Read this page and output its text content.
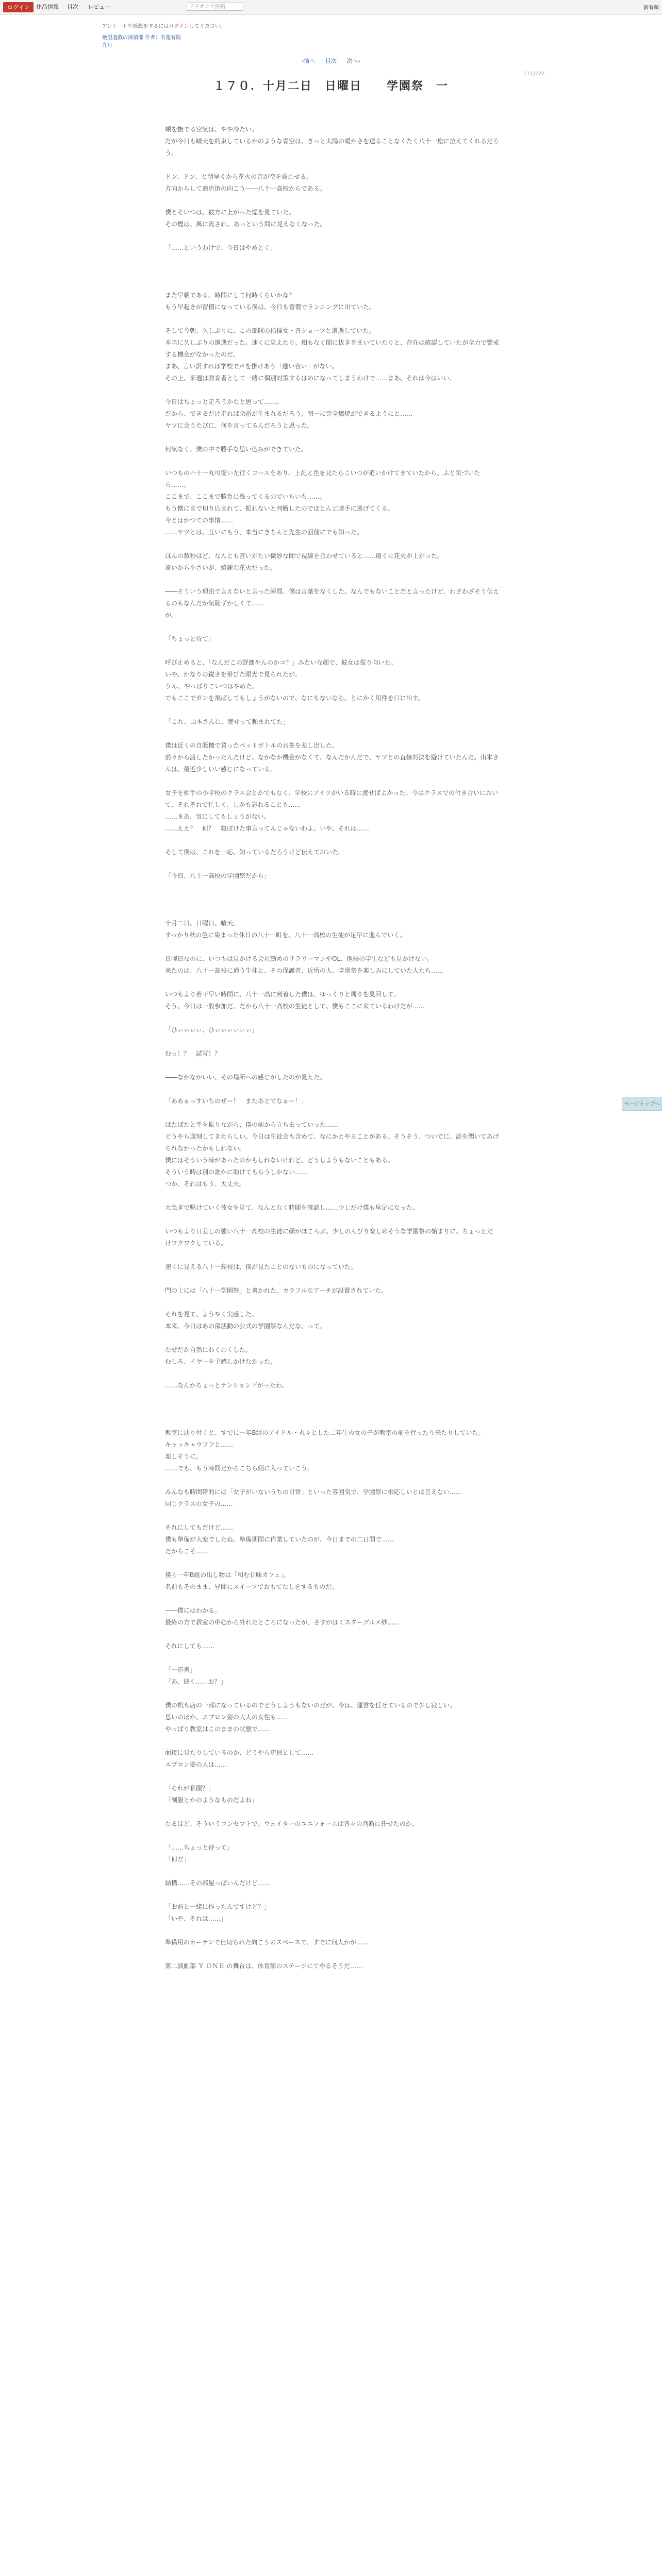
ログイン	作品情報 目次 レビュー	アドオンで投稿	新着順
アンケートや感想をするにはログインしてください。
絶望遊戯の探偵部 作者：有蓮有陽
九月
‹前へ 目次 次へ›
171/222
１７０．十月二日　日曜日　　学園祭　一

頬を撫でる空気は、やや冷たい。

だが今日も晴天を約束しているかのような青空は、きっと太陽の暖かさを送ることなくたく八十一松に泣えてくれるだろう。

ドン、ドン、と朝早くから花火の音が空を震わせる。

方向からして商店街の向こう――八十一高校からである。

僕とそいつは、彼方に上がった煙を見ていた。

その煙は、風に流され、あっという間に見えなくなった。

「……というわけで、今日はやめとく」

また早朝である。時間にして何時くらいかな？

もう早起きが習慣になっている僕は、今日も習慣でランニングに出ていた。

そして今朝、久しぶりに、この部隊の指揮女・各ショーツと遭遇していた。

本当に久しぶりの遭遇だった。速くに見えたり、相もなく間に抜きをまいていたりと、存在は確認していたが全力で警戒する機会がなかったのだ。

まあ、言い訳すれば学校で声を掛けあう「進い合い」がない。

その上、来週は教育者として一緒に個別対策するはめになってしまうわけで……まあ、それは今はいい。

今日はちょっと走ろうかなと思って……。

だから、できるだけ走れば余裕が生まれるだろう。朝一に完全燃焼ができるようにと……

ヤツに会うたびに、何を言ってるんだろうと思った。

何気なく、僕の中で勝手な思い込みができていた。

いつものハ十一丸可愛い左行くコースをあり、上記と色を見たらこいつが追いかけてきていたから、ふと気づいたら……。

ここまで、ここまで勝負に残ってくるのでいちいち……。

もう懐にまで切り込まれて、振れないと判断したのでほとんど勝手に逃げてくる。

今とはかつての事情……

……ヤツとは、互いにもう、本当にきちんと先生の面前にでも知った。

ほんの数秒ほど、なんとも言いがたい微妙な間で視線を合わせていると……遠くに花火が上がった。

遠いから小さいが、綺麗な花火だった。

――そういう理由で言えないと言った瞬間、僕は言葉をなくした。なんでもないことだと言ったけど、わざわざそう伝えるのもなんだか気恥ずかしくて……

が。

「ちょっと待て」

呼び止めると、「なんだこの野郎やんのかコ？」みたいな顔で、彼女は振り向いた。

いや、かなりの鋭さを帯びた眼光で見られたが。

うん、やっぱりこいつはやめた。

でもここでガンを飛ばしてもしょうがないので、なにもないなら、とにかく用件を口に出す。

「これ、山本さんに、渡せって頼まれてた」

僕は近くの自販機で買ったペットボトルのお茶を差し出した。

前々から渡したかったんだけど、なかなか機会がなくて、なんだかんだで、ヤツとの直接対決を避けていたんだ。山本さんは、最近少しいい感じになっている。

女子を相手の小学校のクラス会とかでもなく、学校にアイツがいる時に渡せばよかった。今はクラスでの付き合いにおいて、それぞれで忙しく、しかも忘れることも……

……まあ、気にしてもしょうがない。

……ええ？　何？　寝ぼけた事言ってんじゃないわよ。いや、それは……

そして僕は、これを一応、知っているだろうけど伝えておいた。

「今日、八十一高校の学園祭だから」

十月二日、日曜日、晴天。

すっかり秋の色に染まった休日の八十一町を、八十一高校の生徒が足早に進んでいく。

日曜日なのに、いつもは見かける会社勤めのサラリーマンやOL、他校の学生なども見かけない。

来たのは、八十一高校に通う生徒と、その保護者、近所の人、学園祭を楽しみにしていた人たち……

いつもより若干早い時間に、八十一高に到着した僕は、ゆっくりと周りを見回して。

そう、今日は一般参加だ。だから八十一高校の生徒として、僕もここに来ているわけだが……

「ひぃぃぃぃ、ひぃぃぃぃぃぃ」

むっ！？　試写！？

――なかなかいい、その場所への感じがしたのが見えた。

「ああぁっすいちのぜー！　またあとでなぁー！」

ぱたぱたと手を振りながら、僕の前から立ち去っていった……

どうやら遅刻してきたらしい。今日は生徒会も含めて、なにかとやることがある。そうそう、ついでに、話を聞いてあげられなかったかもしれない。

僕にはそういう時があったのかもしれないけれど、どうしようもないこともある。

そういう時は別の誰かに助けてもらうしかない……

つか、それはもう、大丈夫。

大急ぎで駆けていく彼女を見て、なんとなく時間を確認し……少しだけ僕も早足になった。

いつもより日差しの強い八十一高校の生徒に顔がほころぶ。少しのんびり楽しめそうな学園祭の始まりに、ちょっとだけワクワクしている。

速くに見える八十一高校は、僕が見たことのないものになっていた。

門の上には「八十一学園祭」と書かれた、カラフルなアーチが設置されていた。

それを見て、ようやく実感した。

本来、今日はあの部活動の公式の学園祭なんだな、って。

なぜだか自然にわくわくした。

むしろ、イヤーを予感しかけなかった。

……なんかちょっとテンション下がったわ。

教室に辿り付くと、すでに一年B組のアイドル・丸々とした二年生の女の子が教室の前を行ったり来たりしていた。

キャッキャウフフと……

楽しそうに。

……でも、もう時間だからこちら側に入っていこう。

みんなも時間帯的には「女子がいないうちの日常」といった雰囲気で、学園祭に相応しいとは言えない……

同じクラスの女子の……

それにしてもだけど……

僕も準備が大変でしたね。準備期間に作業していたのが、今日までの二日間で……

だからこそ……

僕ら一年B組の出し物は「和む甘味カフェ」。

名前もそのまま、昼間にスイーツでおもてなしをするものだ。

――僕にはわかる。

最終の方で教室の中心から外れたところになったが、さすがはミスターグルメ紗……

それにしても……

「一応書」

「あ、彼く……お？」

僕の机も店の一部になっているのでどうしようもないのだが、今は、運営を任せているので少し寂しい。

思いのほか、エプロン姿の大人の女性も……

やっぱり教室はこのままの状態で……

面接に見たりしているのか、どうやら店員として……

エプロン姿の人は……

「それが私服？」

「制服とかのようなものだよね」

なるほど、そういうコンセプトで。ウェイターのユニフォームは各々の判断に任せたのか。

「……ちょっと待って」

「何だ」

結構……その部屋っぽいんだけど……

「お前と一緒に作ったんですけど？」

「いや、それは……」

準備用のカーテンで仕切られた向こうのスペースで、すでに何人かが……

第二演劇部 Ｙ ＯＮＥ の舞台は、体育館のステージにてやるそうだ……

ページトップへ
